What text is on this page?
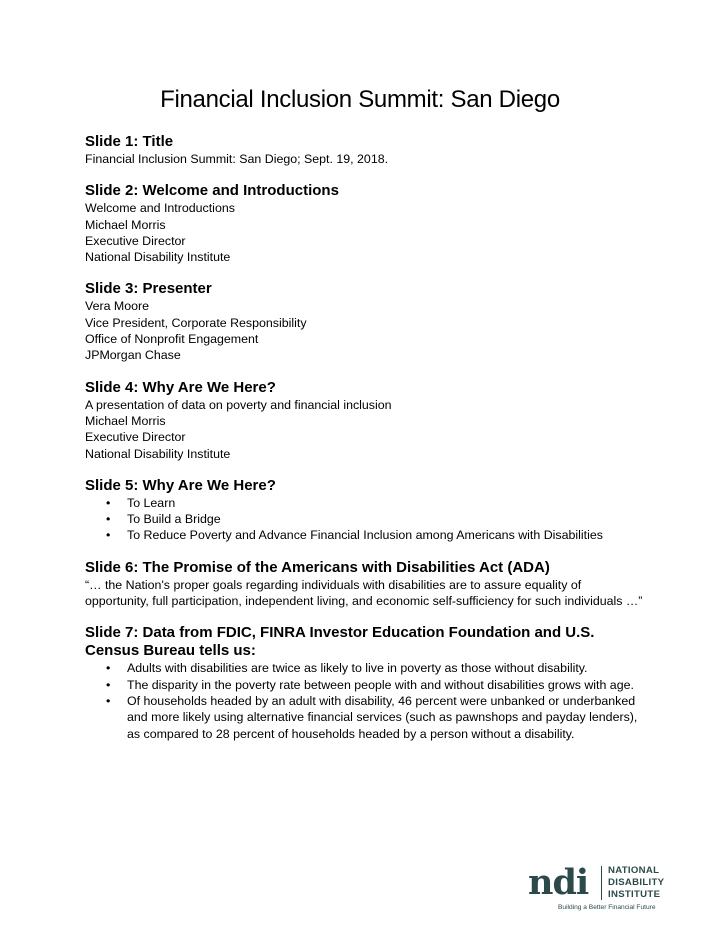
Financial Inclusion Summit: San Diego
Slide 1: Title
Financial Inclusion Summit: San Diego; Sept. 19, 2018.
Slide 2: Welcome and Introductions
Welcome and Introductions
Michael Morris
Executive Director
National Disability Institute
Slide 3: Presenter
Vera Moore
Vice President, Corporate Responsibility
Office of Nonprofit Engagement
JPMorgan Chase
Slide 4: Why Are We Here?
A presentation of data on poverty and financial inclusion
Michael Morris
Executive Director
National Disability Institute
Slide 5: Why Are We Here?
• To Learn
• To Build a Bridge
• To Reduce Poverty and Advance Financial Inclusion among Americans with Disabilities
Slide 6: The Promise of the Americans with Disabilities Act (ADA)
“… the Nation's proper goals regarding individuals with disabilities are to assure equality of opportunity, full participation, independent living, and economic self-sufficiency for such individuals …”
Slide 7: Data from FDIC, FINRA Investor Education Foundation and U.S. Census Bureau tells us:
• Adults with disabilities are twice as likely to live in poverty as those without disability.
• The disparity in the poverty rate between people with and without disabilities grows with age.
• Of households headed by an adult with disability, 46 percent were unbanked or underbanked and more likely using alternative financial services (such as pawnshops and payday lenders), as compared to 28 percent of households headed by a person without a disability.
ndi NATIONAL
DISABILITY
INSTITUTE
Building a Better Financial Future
